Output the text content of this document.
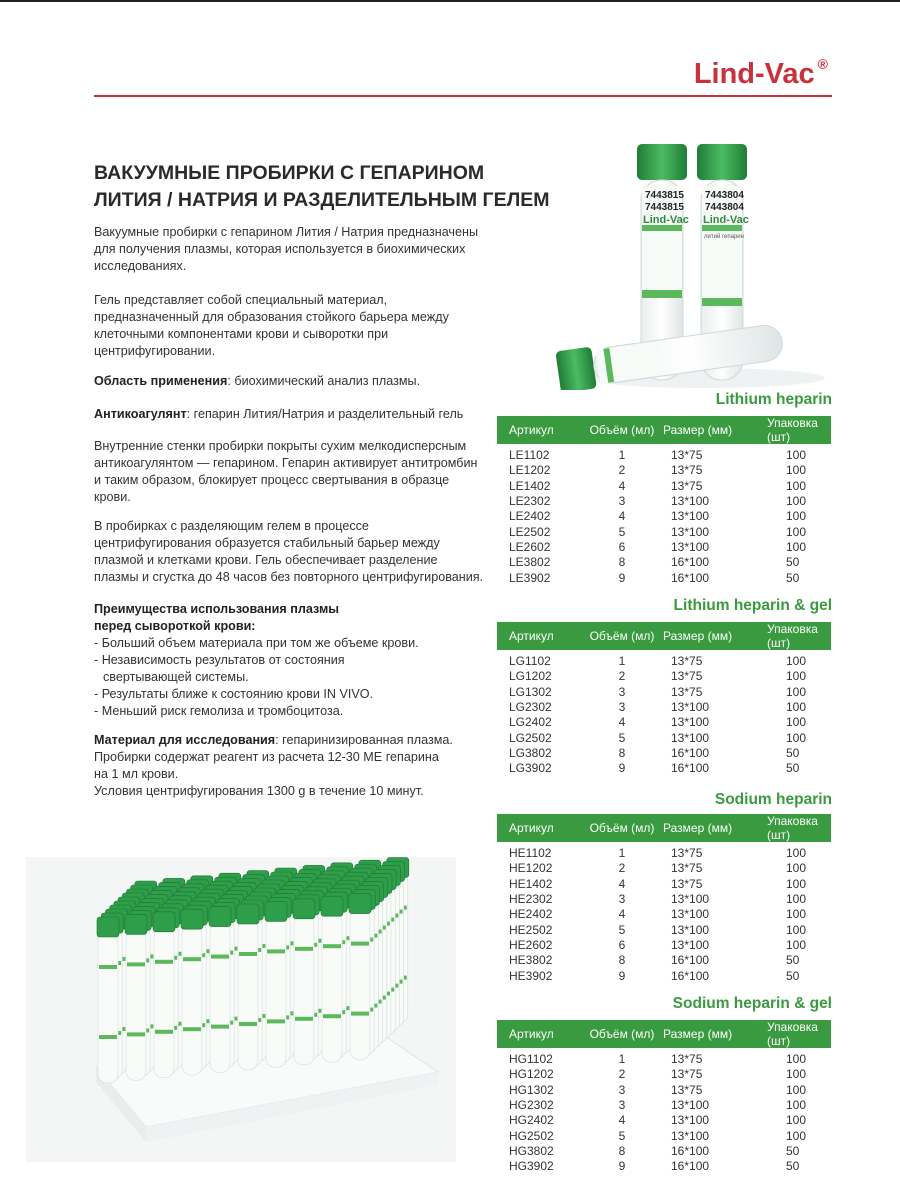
Lind-Vac ®
ВАКУУМНЫЕ ПРОБИРКИ С ГЕПАРИНОМ
ЛИТИЯ / НАТРИЯ И РАЗДЕЛИТЕЛЬНЫМ ГЕЛЕМ
Вакуумные пробирки с гепарином Лития / Натрия предназначены
для получения плазмы, которая используется в биохимических
исследованиях.
Гель представляет собой специальный материал,
предназначенный для образования стойкого барьера между
клеточными компонентами крови и сыворотки при
центрифугировании.
Область применения: биохимический анализ плазмы.
Антикоагулянт: гепарин Лития/Натрия и разделительный гель
Внутренние стенки пробирки покрыты сухим мелкодисперсным
антикоагулянтом — гепарином. Гепарин активирует антитромбин
и таким образом, блокирует процесс свертывания в образце
крови.
В пробирках с разделяющим гелем в процессе
центрифугирования образуется стабильный барьер между
плазмой и клетками крови. Гель обеспечивает разделение
плазмы и сгустка до 48 часов без повторного центрифугирования.
Преимущества использования плазмы
перед сывороткой крови:
- Больший объем материала при том же объеме крови.
- Независимость результатов от состояния
свертывающей системы.
- Результаты ближе к состоянию крови IN VIVO.
- Меньший риск гемолиза и тромбоцитоза.
Материал для исследования: гепаринизированная плазма.
Пробирки содержат реагент из расчета 12-30 МЕ гепарина
на 1 мл крови.
Условия центрифугирования 1300 g в течение 10 минут.
7443815
7443815
Lind-Vac
7443804
7443804
Lind-Vac
литий гепарин
Lithium heparin
Артикул	Объём (мл)	Размер (мм)	Упаковка (шт)

LE1102	1	13*75	100
LE1202	2	13*75	100
LE1402	4	13*75	100
LE2302	3	13*100	100
LE2402	4	13*100	100
LE2502	5	13*100	100
LE2602	6	13*100	100
LE3802	8	16*100	50
LE3902	9	16*100	50
Lithium heparin & gel
Артикул	Объём (мл)	Размер (мм)	Упаковка (шт)

LG1102	1	13*75	100
LG1202	2	13*75	100
LG1302	3	13*75	100
LG2302	3	13*100	100
LG2402	4	13*100	100
LG2502	5	13*100	100
LG3802	8	16*100	50
LG3902	9	16*100	50
Sodium heparin
Артикул	Объём (мл)	Размер (мм)	Упаковка (шт)

HE1102	1	13*75	100
HE1202	2	13*75	100
HE1402	4	13*75	100
HE2302	3	13*100	100
HE2402	4	13*100	100
HE2502	5	13*100	100
HE2602	6	13*100	100
HE3802	8	16*100	50
HE3902	9	16*100	50
Sodium heparin & gel
Артикул	Объём (мл)	Размер (мм)	Упаковка (шт)

HG1102	1	13*75	100
HG1202	2	13*75	100
HG1302	3	13*75	100
HG2302	3	13*100	100
HG2402	4	13*100	100
HG2502	5	13*100	100
HG3802	8	16*100	50
HG3902	9	16*100	50
